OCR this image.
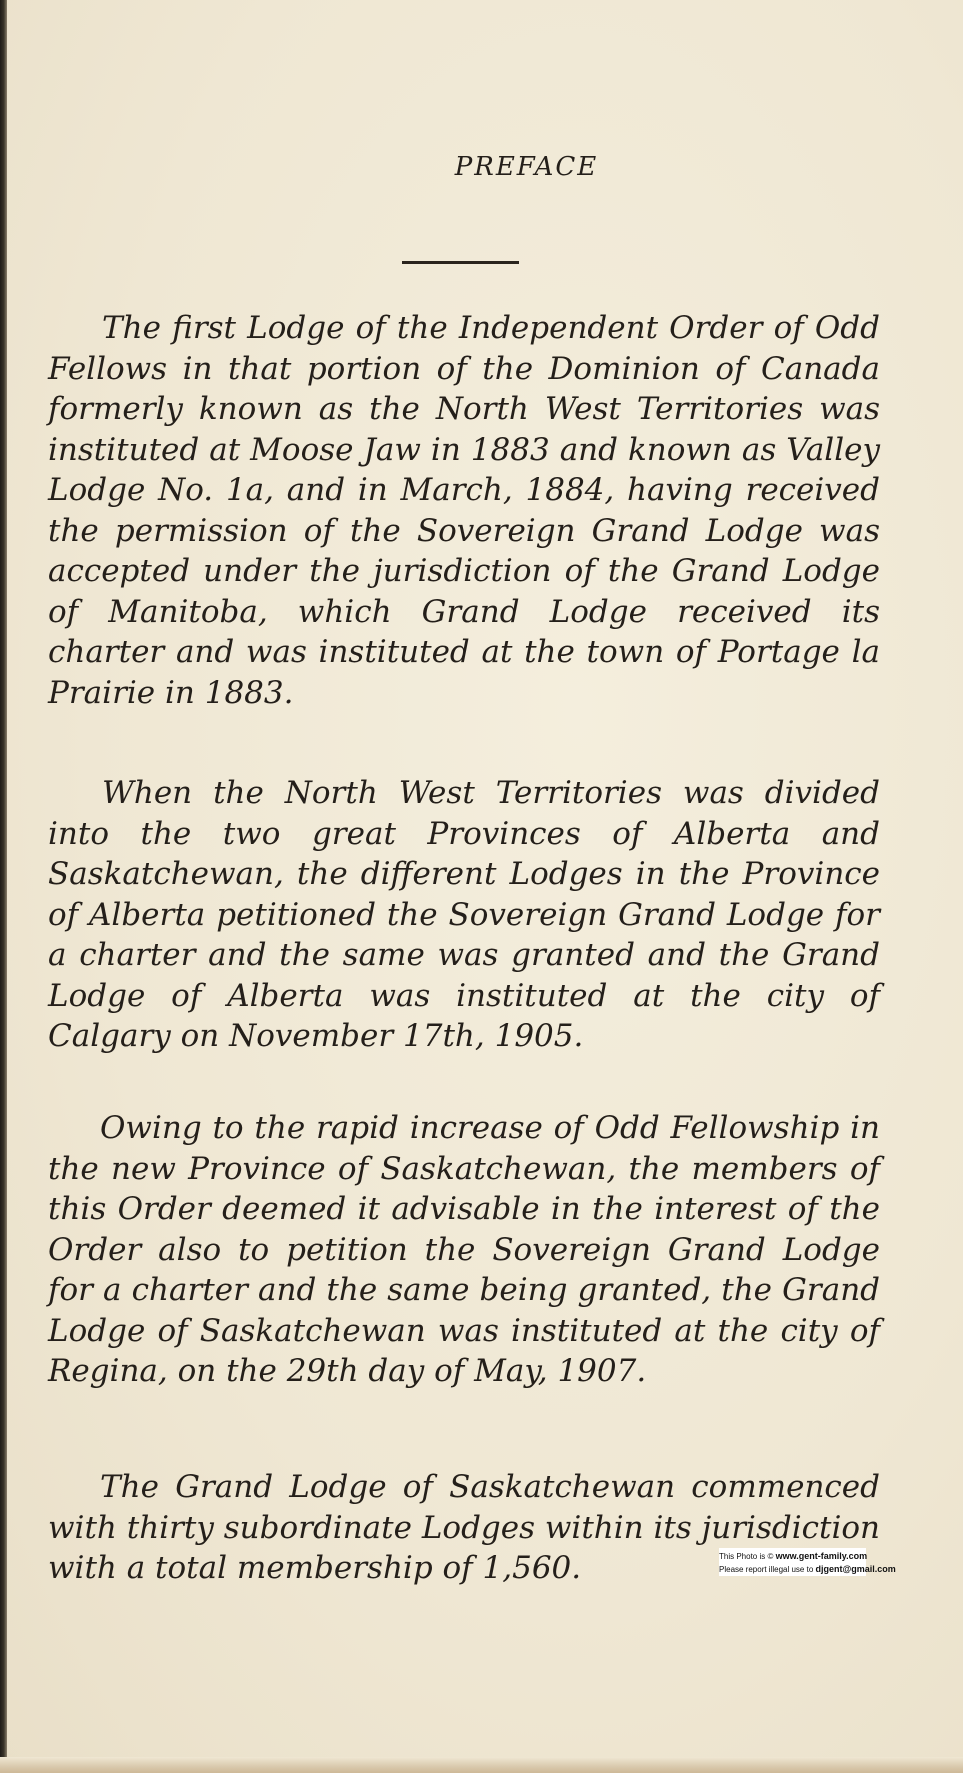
PREFACE

The first Lodge of the Independent Order of Odd Fellows in that portion of the Dominion of Canada formerly known as the North West Territories was instituted at Moose Jaw in 1883 and known as Valley Lodge No. 1a, and in March, 1884, having received the permission of the Sovereign Grand Lodge was accepted under the jurisdiction of the Grand Lodge of Manitoba, which Grand Lodge received its charter and was instituted at the town of Portage la Prairie in 1883.

When the North West Territories was divided into the two great Provinces of Alberta and Saskatchewan, the different Lodges in the Province of Alberta petitioned the Sovereign Grand Lodge for a charter and the same was granted and the Grand Lodge of Alberta was instituted at the city of Calgary on November 17th, 1905.

Owing to the rapid increase of Odd Fellowship in the new Province of Saskatchewan, the members of this Order deemed it advisable in the interest of the Order also to petition the Sovereign Grand Lodge for a charter and the same being granted, the Grand Lodge of Saskatchewan was instituted at the city of Regina, on the 29th day of May, 1907.

The Grand Lodge of Saskatchewan commenced with thirty subordinate Lodges within its jurisdiction with a total membership of 1,560.	This Photo is © www.gent-family.com
Please report illegal use to djgent@gmail.com
